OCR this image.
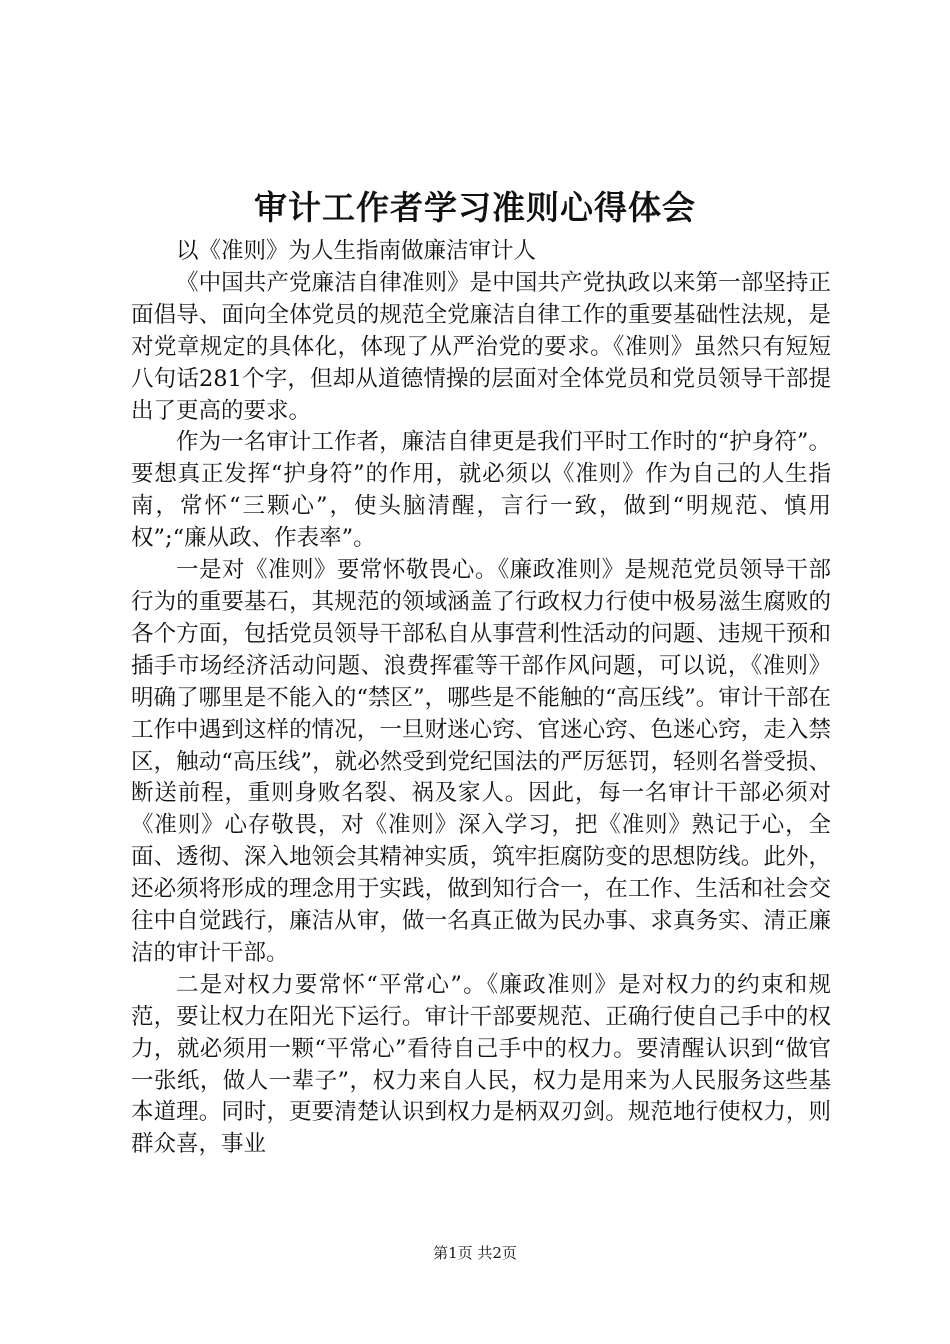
审计工作者学习准则心得体会

以《准则》为人生指南做廉洁审计人

《中国共产党廉洁自律准则》是中国共产党执政以来第一部坚持正面倡导、面向全体党员的规范全党廉洁自律工作的重要基础性法规，是对党章规定的具体化，体现了从严治党的要求。《准则》虽然只有短短八句话281个字，但却从道德情操的层面对全体党员和党员领导干部提出了更高的要求。

作为一名审计工作者，廉洁自律更是我们平时工作时的“护身符”。要想真正发挥“护身符”的作用，就必须以《准则》作为自己的人生指南，常怀“三颗心”，使头脑清醒，言行一致，做到“明规范、慎用权”;“廉从政、作表率”。

一是对《准则》要常怀敬畏心。《廉政准则》是规范党员领导干部行为的重要基石，其规范的领域涵盖了行政权力行使中极易滋生腐败的各个方面，包括党员领导干部私自从事营利性活动的问题、违规干预和插手市场经济活动问题、浪费挥霍等干部作风问题，可以说，《准则》明确了哪里是不能入的“禁区”，哪些是不能触的“高压线”。审计干部在工作中遇到这样的情况，一旦财迷心窍、官迷心窍、色迷心窍，走入禁区，触动“高压线”，就必然受到党纪国法的严厉惩罚，轻则名誉受损、断送前程，重则身败名裂、祸及家人。因此，每一名审计干部必须对《准则》心存敬畏，对《准则》深入学习，把《准则》熟记于心，全面、透彻、深入地领会其精神实质，筑牢拒腐防变的思想防线。此外，还必须将形成的理念用于实践，做到知行合一，在工作、生活和社会交往中自觉践行，廉洁从审，做一名真正做为民办事、求真务实、清正廉洁的审计干部。

二是对权力要常怀“平常心”。《廉政准则》是对权力的约束和规范，要让权力在阳光下运行。审计干部要规范、正确行使自己手中的权力，就必须用一颗“平常心”看待自己手中的权力。要清醒认识到“做官一张纸，做人一辈子”，权力来自人民，权力是用来为人民服务这些基本道理。同时，更要清楚认识到权力是柄双刃剑。规范地行使权力，则群众喜，事业

第1页 共2页
